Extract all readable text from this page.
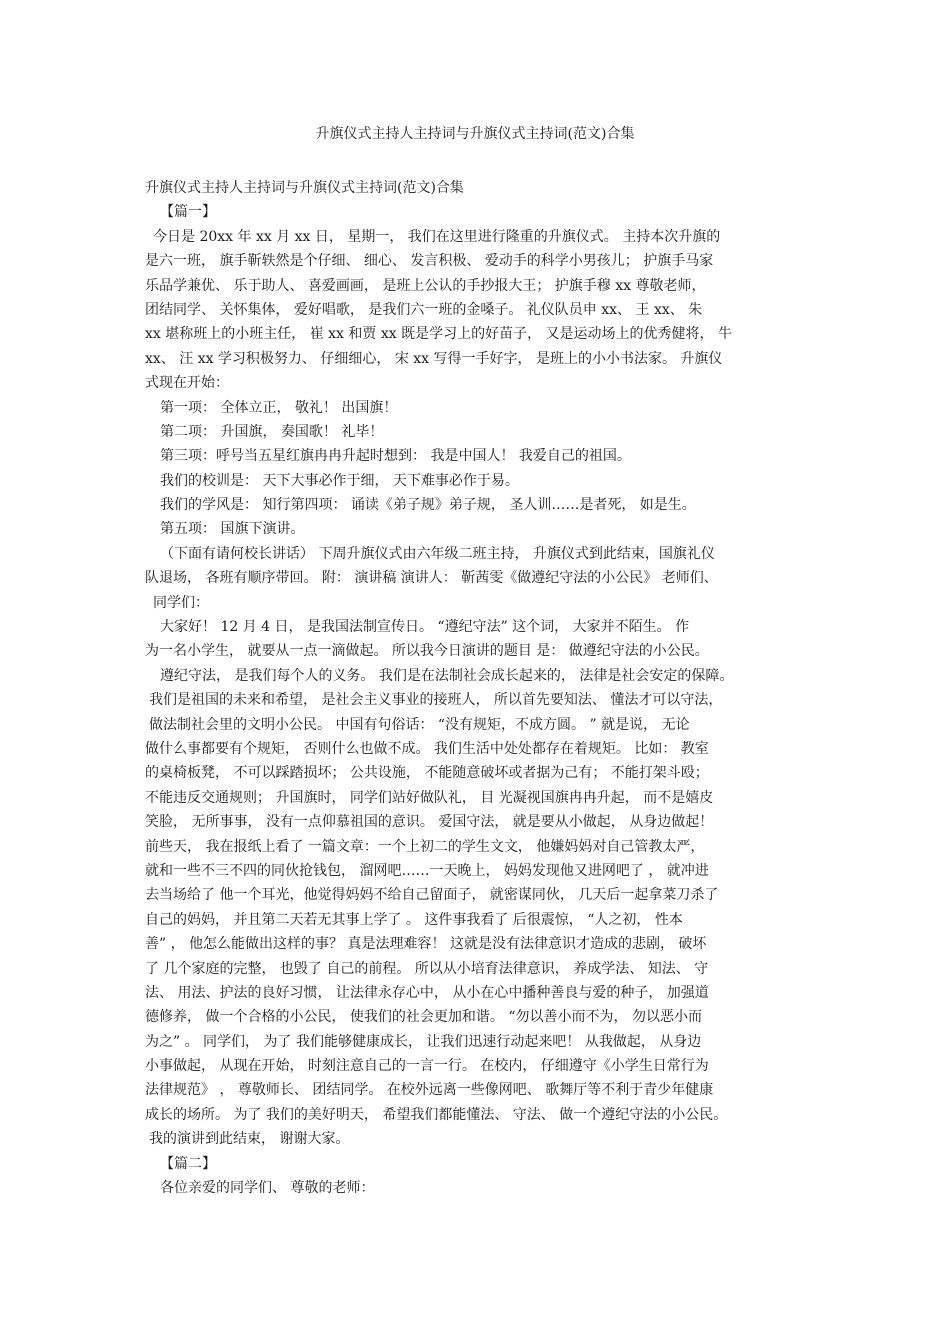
升旗仪式主持人主持词与升旗仪式主持词(范文)合集
升旗仪式主持人主持词与升旗仪式主持词(范文)合集
【篇一】
今日是 20xx 年 xx 月 xx 日， 星期一， 我们在这里进行隆重的升旗仪式。 主持本次升旗的
是六一班， 旗手靳轶然是个仔细、 细心、 发言积极、 爱动手的科学小男孩儿； 护旗手马家
乐品学兼优、 乐于助人、 喜爱画画， 是班上公认的手抄报大王； 护旗手穆 xx 尊敬老师，
团结同学、 关怀集体， 爱好唱歌， 是我们六一班的金嗓子。 礼仪队员申 xx、 王 xx、 朱
xx 堪称班上的小班主任， 崔 xx 和贾 xx 既是学习上的好苗子， 又是运动场上的优秀健将， 牛
xx、 汪 xx 学习积极努力、 仔细细心， 宋 xx 写得一手好字， 是班上的小小书法家。 升旗仪
式现在开始：
第一项： 全体立正， 敬礼！ 出国旗！
第二项： 升国旗， 奏国歌！ 礼毕！
第三项：呼号当五星红旗冉冉升起时想到： 我是中国人！ 我爱自己的祖国。
我们的校训是： 天下大事必作于细， 天下难事必作于易。
我们的学风是： 知行第四项： 诵读《弟子规》弟子规， 圣人训……是者死， 如是生。
第五项： 国旗下演讲。
（下面有请何校长讲话） 下周升旗仪式由六年级二班主持， 升旗仪式到此结束，国旗礼仪
队退场， 各班有顺序带回。 附： 演讲稿 演讲人： 靳茜雯《做遵纪守法的小公民》 老师们、
同学们：
大家好！ 12 月 4 日， 是我国法制宣传日。 “遵纪守法” 这个词， 大家并不陌生。 作
为一名小学生， 就要从一点一滴做起。 所以我今日演讲的题目 是： 做遵纪守法的小公民。
遵纪守法， 是我们每个人的义务。 我们是在法制社会成长起来的， 法律是社会安定的保障。
我们是祖国的未来和希望， 是社会主义事业的接班人， 所以首先要知法、 懂法才可以守法，
做法制社会里的文明小公民。 中国有句俗话： “没有规矩，不成方圆。 ” 就是说， 无论
做什么事都要有个规矩， 否则什么也做不成。 我们生活中处处都存在着规矩。 比如： 教室
的桌椅板凳， 不可以踩踏损坏； 公共设施， 不能随意破坏或者据为己有； 不能打架斗殴；
不能违反交通规则； 升国旗时， 同学们站好做队礼， 目 光凝视国旗冉冉升起， 而不是嬉皮
笑脸， 无所事事， 没有一点仰慕祖国的意识。 爱国守法， 就是要从小做起， 从身边做起！
前些天， 我在报纸上看了 一篇文章：一个上初二的学生文文， 他嫌妈妈对自己管教太严，
就和一些不三不四的同伙抢钱包， 溜网吧……一天晚上， 妈妈发现他又进网吧了 ， 就冲进
去当场给了 他一个耳光，他觉得妈妈不给自己留面子， 就密谋同伙， 几天后一起拿菜刀杀了
自己的妈妈， 并且第二天若无其事上学了 。 这件事我看了 后很震惊， “人之初， 性本
善” ， 他怎么能做出这样的事？ 真是法理难容！ 这就是没有法律意识才造成的悲剧， 破坏
了 几个家庭的完整， 也毁了 自己的前程。 所以从小培育法律意识， 养成学法、 知法、 守
法、 用法、护法的良好习惯， 让法律永存心中， 从小在心中播种善良与爱的种子， 加强道
德修养， 做一个合格的小公民， 使我们的社会更加和谐。 “勿以善小而不为， 勿以恶小而
为之” 。 同学们， 为了 我们能够健康成长， 让我们迅速行动起来吧！ 从我做起， 从身边
小事做起， 从现在开始， 时刻注意自己的一言一行。 在校内， 仔细遵守《小学生日常行为
法律规范》 ， 尊敬师长、 团结同学。 在校外远离一些像网吧、 歌舞厅等不利于青少年健康
成长的场所。 为了 我们的美好明天， 希望我们都能懂法、 守法、 做一个遵纪守法的小公民。
我的演讲到此结束， 谢谢大家。
【篇二】
各位亲爱的同学们、 尊敬的老师：
